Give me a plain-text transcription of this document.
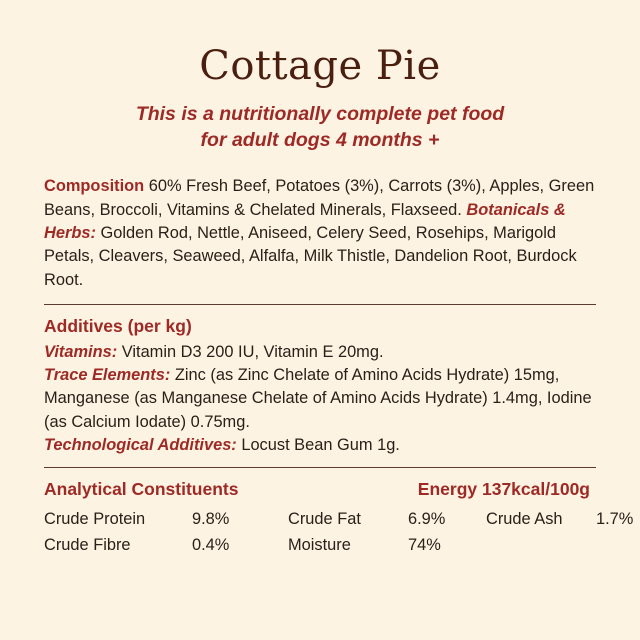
Cottage Pie
This is a nutritionally complete pet food
for adult dogs 4 months +
Composition 60% Fresh Beef, Potatoes (3%), Carrots (3%), Apples, Green Beans, Broccoli, Vitamins & Chelated Minerals, Flaxseed. Botanicals & Herbs: Golden Rod, Nettle, Aniseed, Celery Seed, Rosehips, Marigold Petals, Cleavers, Seaweed, Alfalfa, Milk Thistle, Dandelion Root, Burdock Root.
Additives (per kg)
Vitamins: Vitamin D3 200 IU, Vitamin E 20mg.
Trace Elements: Zinc (as Zinc Chelate of Amino Acids Hydrate) 15mg, Manganese (as Manganese Chelate of Amino Acids Hydrate) 1.4mg, Iodine (as Calcium Iodate) 0.75mg.
Technological Additives: Locust Bean Gum 1g.
Analytical Constituents	Energy 137kcal/100g
Crude Protein	9.8%	Crude Fat	6.9%	Crude Ash	1.7%
Crude Fibre	0.4%	Moisture	74%
